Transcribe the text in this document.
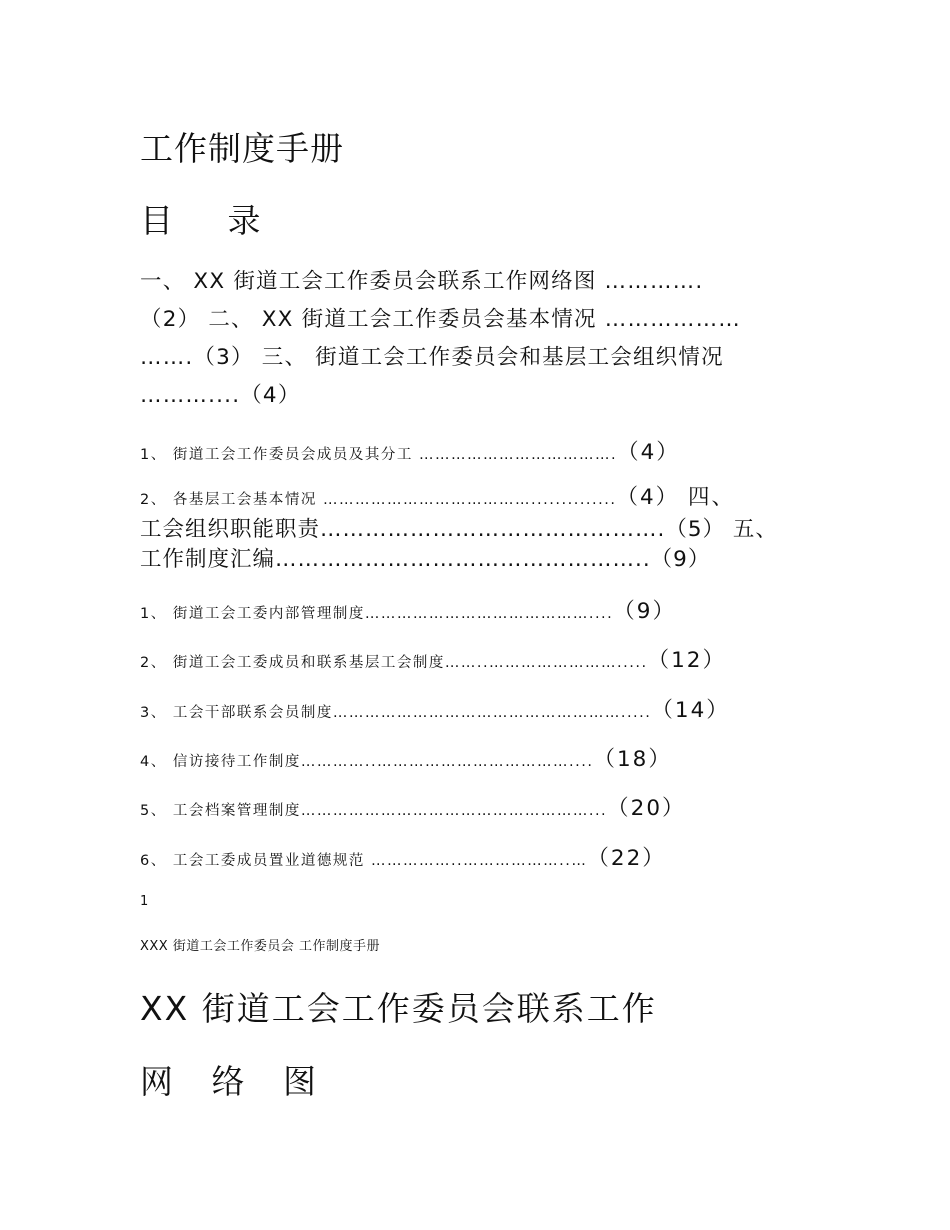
工作制度手册
目 录
一、 XX 街道工会工作委员会联系工作网络图 ………….
（2） 二、 XX 街道工会工作委员会基本情况 ………………
…….（3） 三、 街道工会工作委员会和基层工会组织情况
………....（4）
1、 街道工会工作委员会成员及其分工 ……………………………….（4）
2、 各基层工会基本情况 …………………………………..............（4） 四、
工会组织职能职责……………………………………….（5） 五、
工作制度汇编…………………………………………..（9）
1、 街道工会工委内部管理制度……………………………………....（9）
2、 街道工会工委成员和联系基层工会制度……..…………………….....（12）
3、 工会干部联系会员制度……………………………………………….....（14）
4、 信访接待工作制度…………..………………………………....（18）
5、 工会档案管理制度………………………………………………...（20）
6、 工会工委成员置业道德规范 ……………..………………..…（22）
1
XXX 街道工会工作委员会 工作制度手册
XX 街道工会工作委员会联系工作
网 络 图
